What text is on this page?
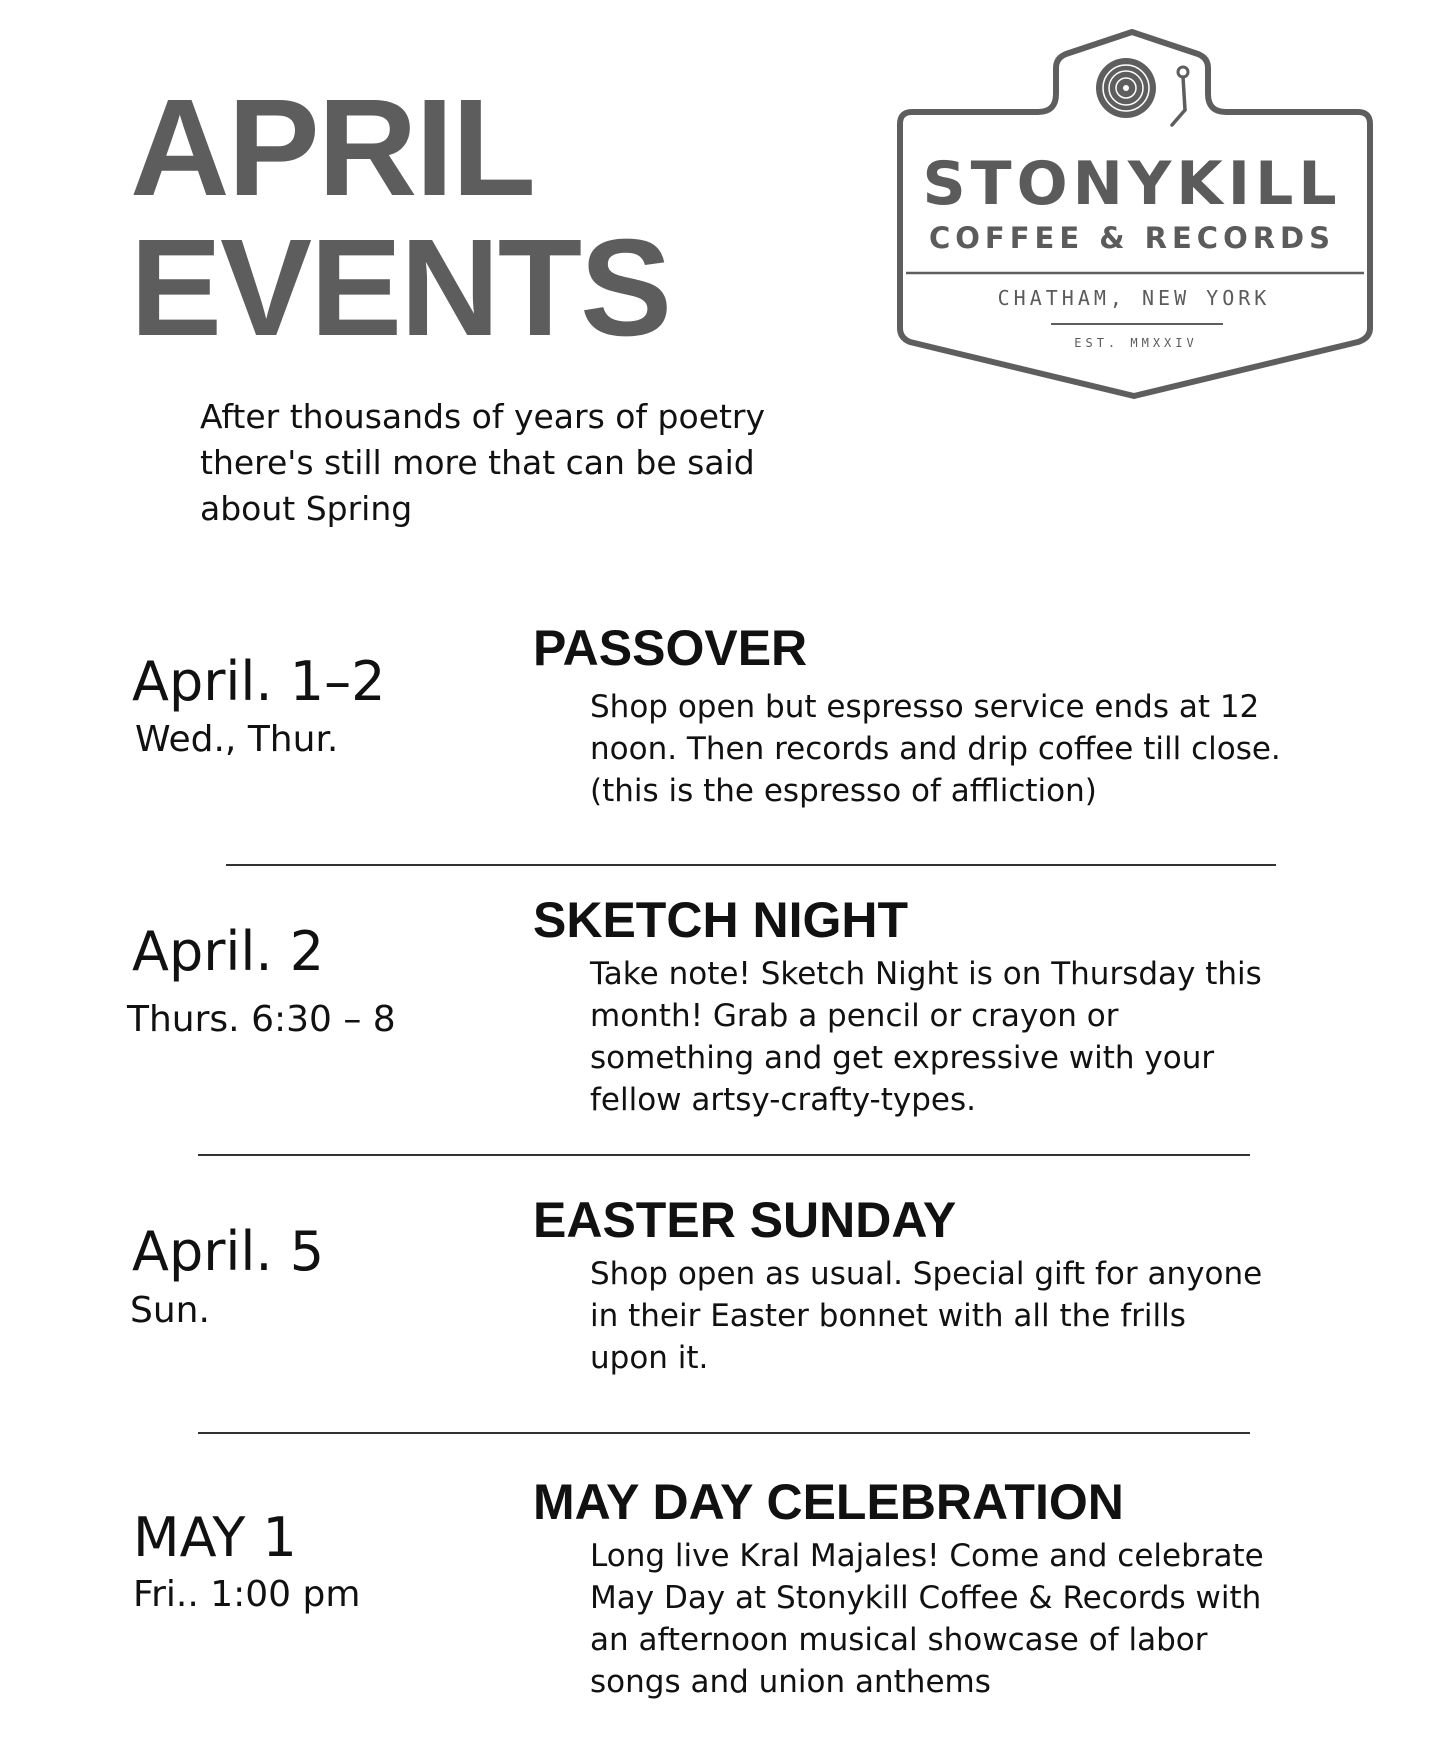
APRIL
EVENTS
STONYKILL
COFFEE & RECORDS
CHATHAM, NEW YORK
EST. MMXXIV

After thousands of years of poetry
there's still more that can be said
about Spring

April. 1–2
Wed., Thur.
PASSOVER

Shop open but espresso service ends at 12
noon. Then records and drip coffee till close.
(this is the espresso of affliction)

April. 2
Thurs. 6:30 – 8
SKETCH NIGHT

Take note! Sketch Night is on Thursday this
month! Grab a pencil or crayon or
something and get expressive with your
fellow artsy-crafty-types.

April. 5
Sun.
EASTER SUNDAY

Shop open as usual. Special gift for anyone
in their Easter bonnet with all the frills
upon it.

MAY 1
Fri.. 1:00 pm
MAY DAY CELEBRATION

Long live Kral Majales! Come and celebrate
May Day at Stonykill Coffee & Records with
an afternoon musical showcase of labor
songs and union anthems
